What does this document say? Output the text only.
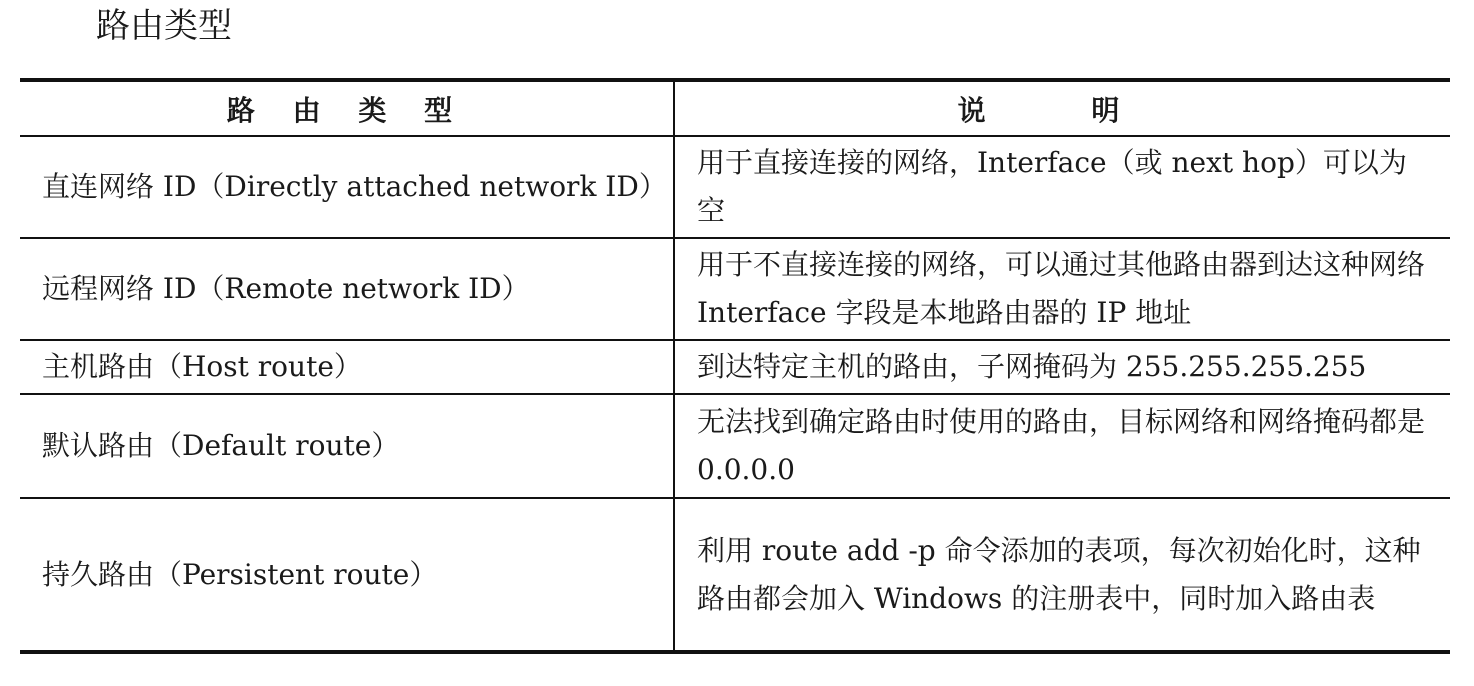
路由类型
路 由 类 型	说 明
直连网络 ID（Directly attached network ID）	用于直接连接的网络，Interface（或 next hop）可以为空
远程网络 ID（Remote network ID）	用于不直接连接的网络，可以通过其他路由器到达这种网络 Interface 字段是本地路由器的 IP 地址
主机路由（Host route）	到达特定主机的路由，子网掩码为 255.255.255.255
默认路由（Default route）	无法找到确定路由时使用的路由，目标网络和网络掩码都是 0.0.0.0
持久路由（Persistent route）	利用 route add -p 命令添加的表项，每次初始化时，这种路由都会加入 Windows 的注册表中，同时加入路由表
